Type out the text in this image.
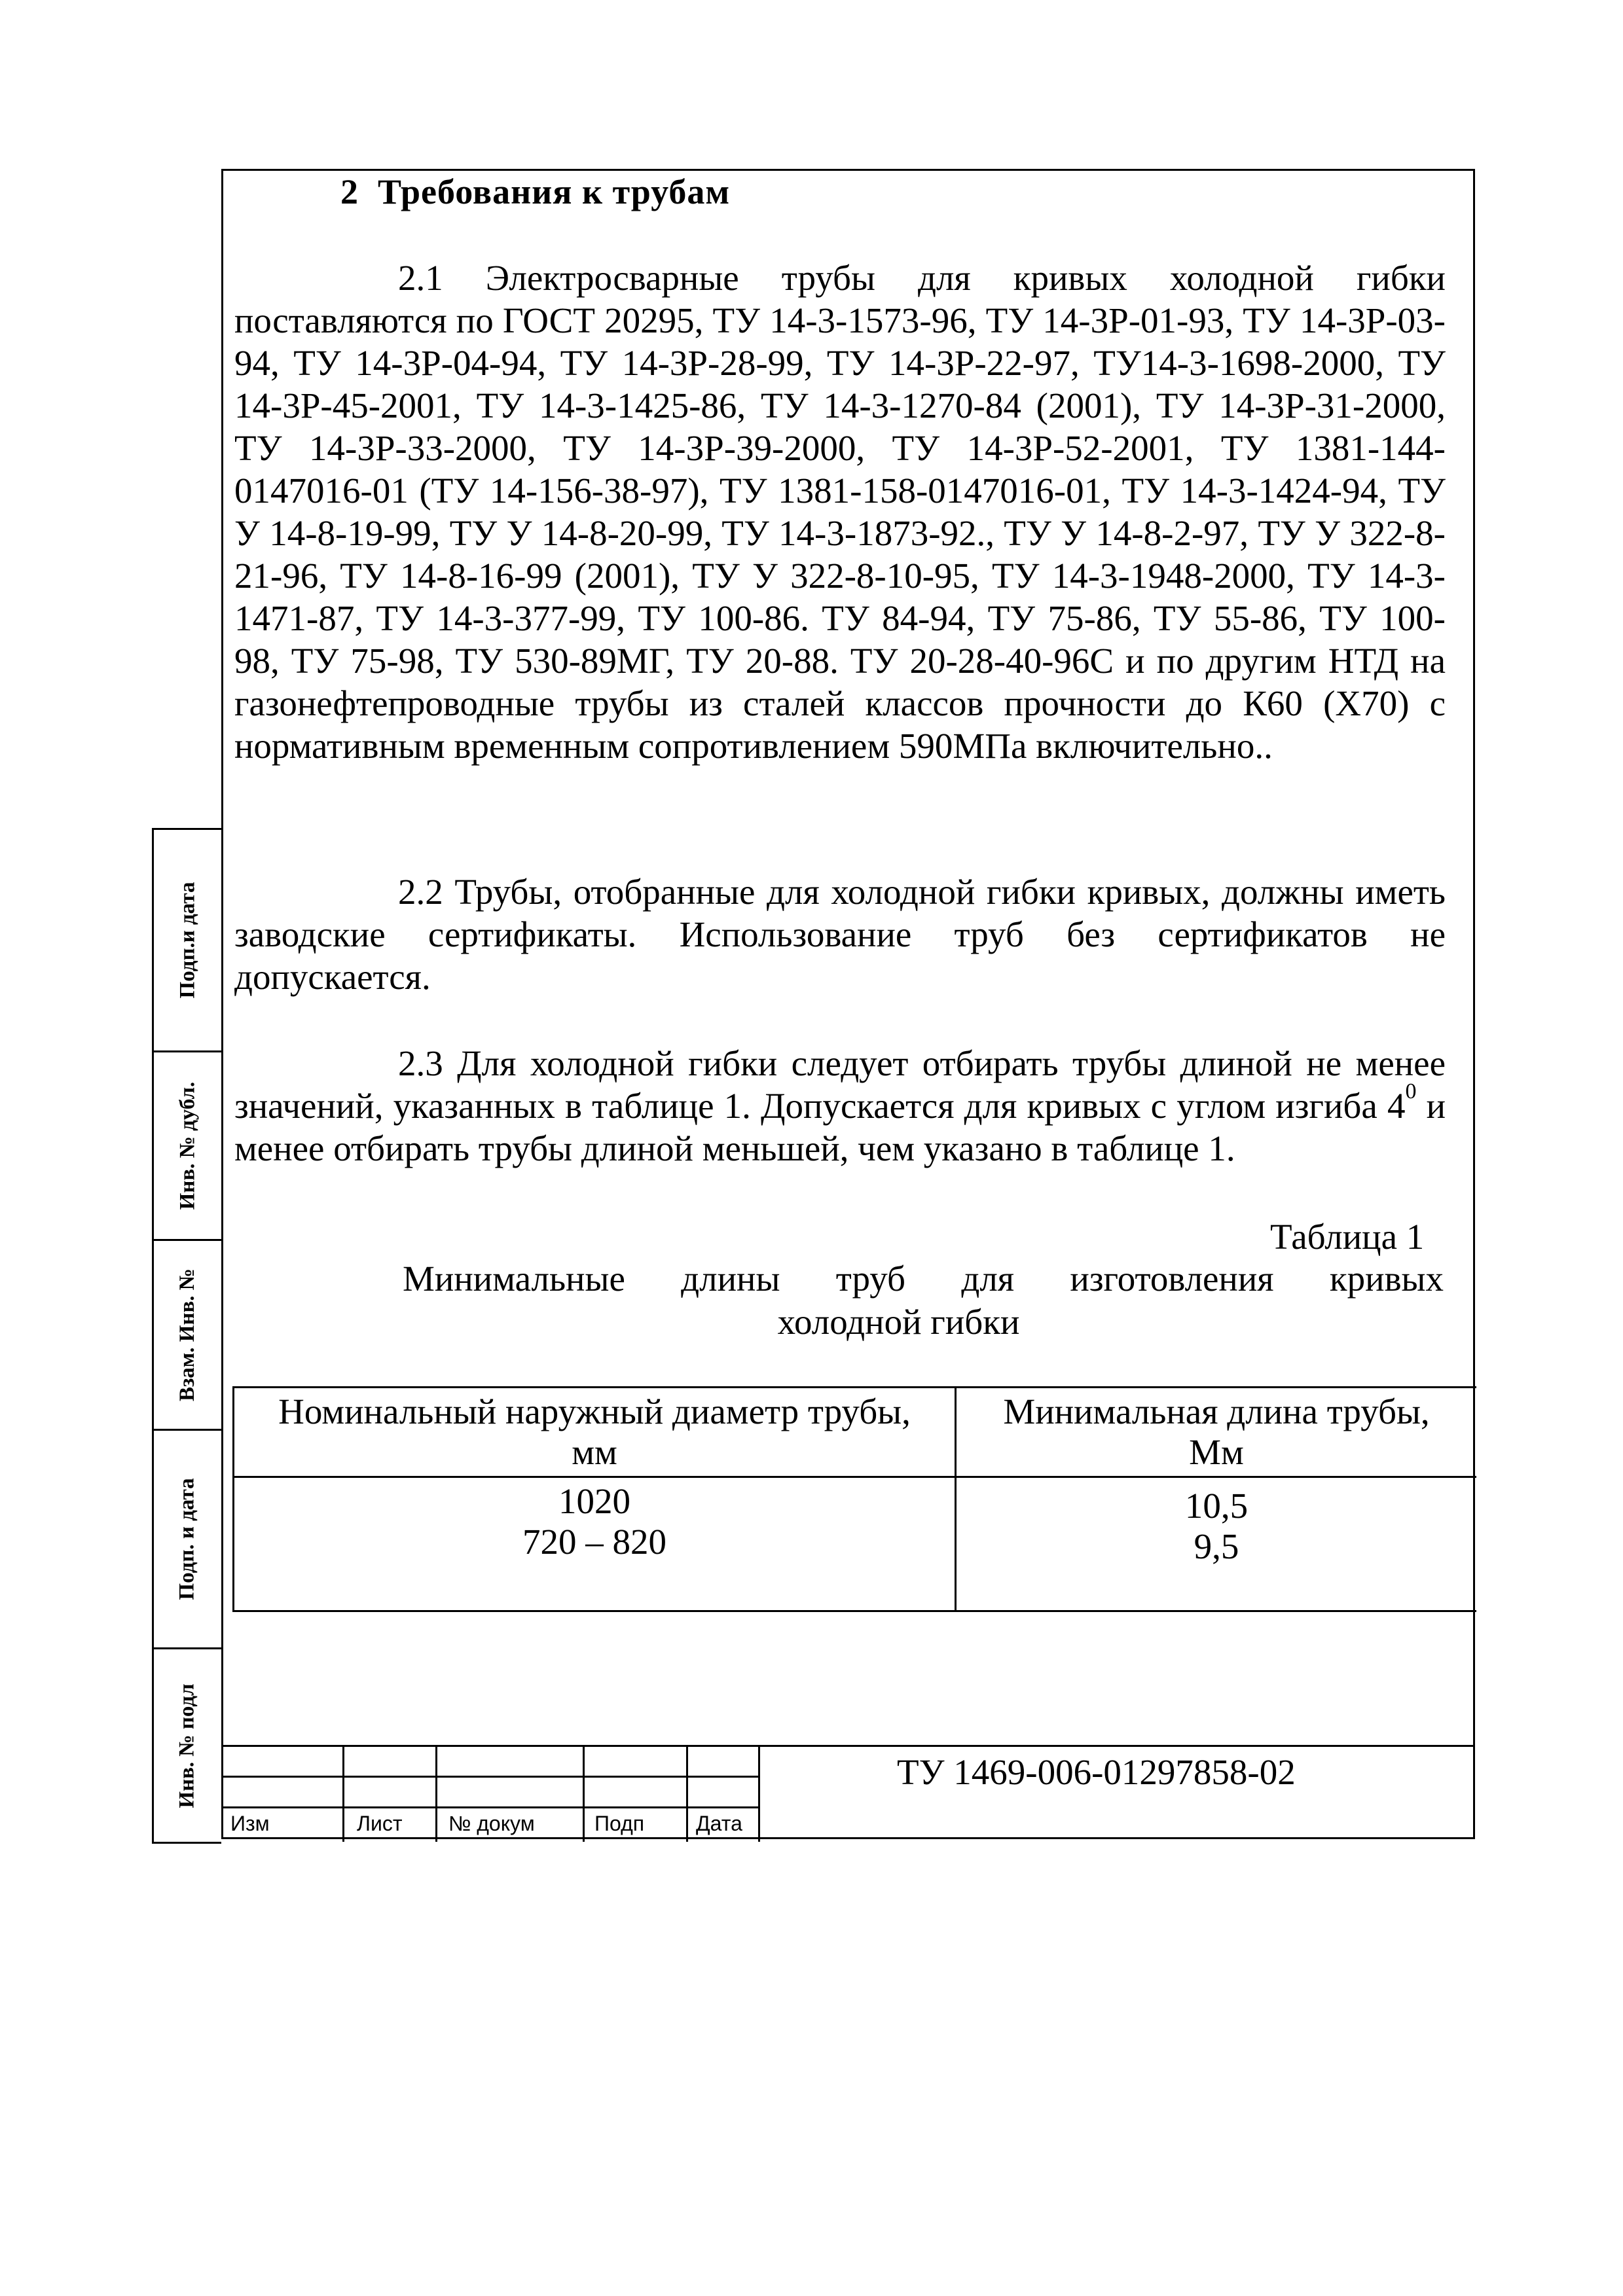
2 Требования к трубам
2.1 Электросварные трубы для кривых холодной гибки поставляются по ГОСТ 20295, ТУ 14-3-1573-96, ТУ 14-3Р-01-93, ТУ 14-3Р-03-94, ТУ 14-3Р-04-94, ТУ 14-3Р-28-99, ТУ 14-3Р-22-97, ТУ14-3-1698-2000, ТУ 14-3Р-45-2001, ТУ 14-3-1425-86, ТУ 14-3-1270-84 (2001), ТУ 14-3Р-31-2000, ТУ 14-3Р-33-2000, ТУ 14-3Р-39-2000, ТУ 14-3Р-52-2001, ТУ 1381-144-0147016-01 (ТУ 14-156-38-97), ТУ 1381-158-0147016-01, ТУ 14-3-1424-94, ТУ У 14-8-19-99, ТУ У 14-8-20-99, ТУ 14-3-1873-92., ТУ У 14-8-2-97, ТУ У 322-8-21-96, ТУ 14-8-16-99 (2001), ТУ У 322-8-10-95, ТУ 14-3-1948-2000, ТУ 14-3-1471-87, ТУ 14-3-377-99, ТУ 100-86. ТУ 84-94, ТУ 75-86, ТУ 55-86, ТУ 100-98, ТУ 75-98, ТУ 530-89МГ, ТУ 20-88. ТУ 20-28-40-96С и по другим НТД на газонефтепроводные трубы из сталей классов прочности до К60 (Х70) с нормативным временным сопротивлением 590МПа включительно..
2.2 Трубы, отобранные для холодной гибки кривых, должны иметь заводские сертификаты. Использование труб без сертификатов не допускается.
2.3 Для холодной гибки следует отбирать трубы длиной не менее значений, указанных в таблице 1. Допускается для кривых с углом изгиба $4^0$ и менее отбирать трубы длиной меньшей, чем указано в таблице 1.
Таблица 1
Минимальные длины труб для изготовления кривых
холодной гибки
Номинальный наружный диаметр трубы,
мм
Минимальная длина трубы,
Мм
1020
720 – 820
10,5
9,5
Подп.и дата
Инв. № дубл.
Взам. Инв. №
Подп. и дата
Инв. № подл
Изм	Лист № докум	Подп Дата
ТУ 1469-006-01297858-02
